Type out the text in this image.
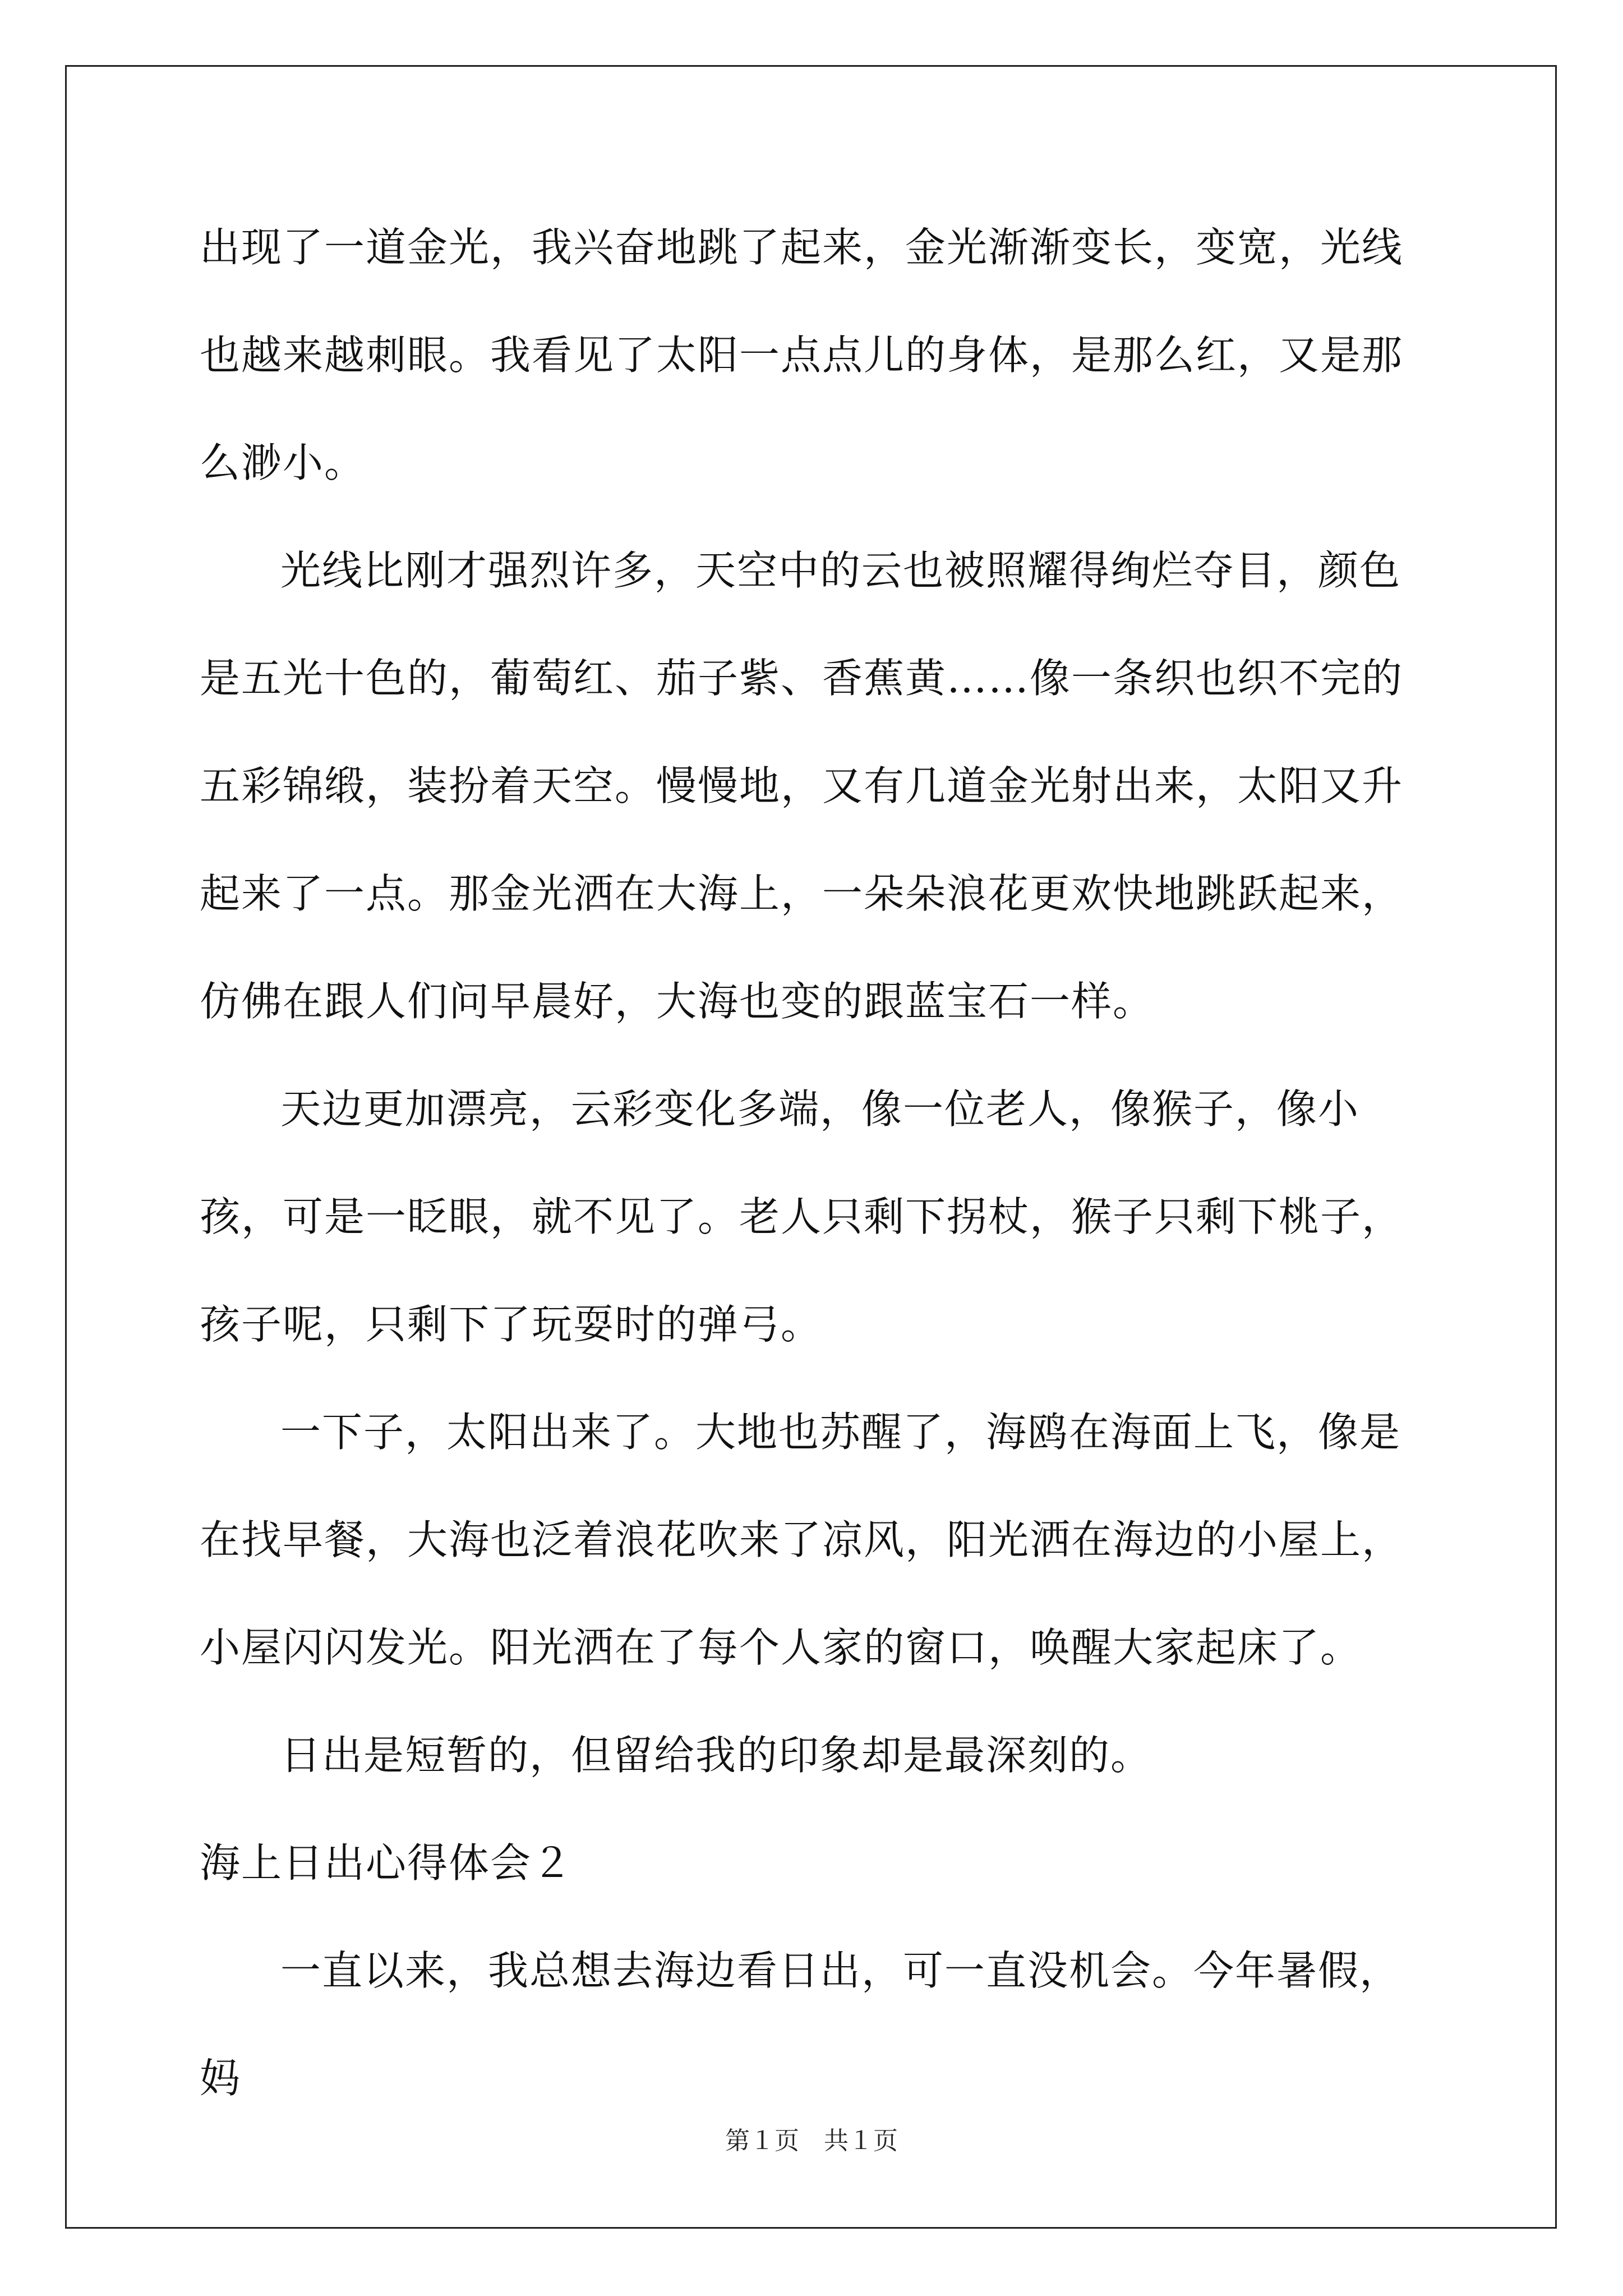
出现了一道金光，我兴奋地跳了起来，金光渐渐变长，变宽，光线也越来越刺眼。我看见了太阳一点点儿的身体，是那么红，又是那么渺小。

光线比刚才强烈许多，天空中的云也被照耀得绚烂夺目，颜色是五光十色的，葡萄红、茄子紫、香蕉黄……像一条织也织不完的五彩锦缎，装扮着天空。慢慢地，又有几道金光射出来，太阳又升起来了一点。那金光洒在大海上，一朵朵浪花更欢快地跳跃起来，仿佛在跟人们问早晨好，大海也变的跟蓝宝石一样。

天边更加漂亮，云彩变化多端，像一位老人，像猴子，像小孩，可是一眨眼，就不见了。老人只剩下拐杖，猴子只剩下桃子，孩子呢，只剩下了玩耍时的弹弓。

一下子，太阳出来了。大地也苏醒了，海鸥在海面上飞，像是在找早餐，大海也泛着浪花吹来了凉风，阳光洒在海边的小屋上，小屋闪闪发光。阳光洒在了每个人家的窗口，唤醒大家起床了。

日出是短暂的，但留给我的印象却是最深刻的。

海上日出心得体会２

一直以来，我总想去海边看日出，可一直没机会。今年暑假，妈

第１页　共１页
